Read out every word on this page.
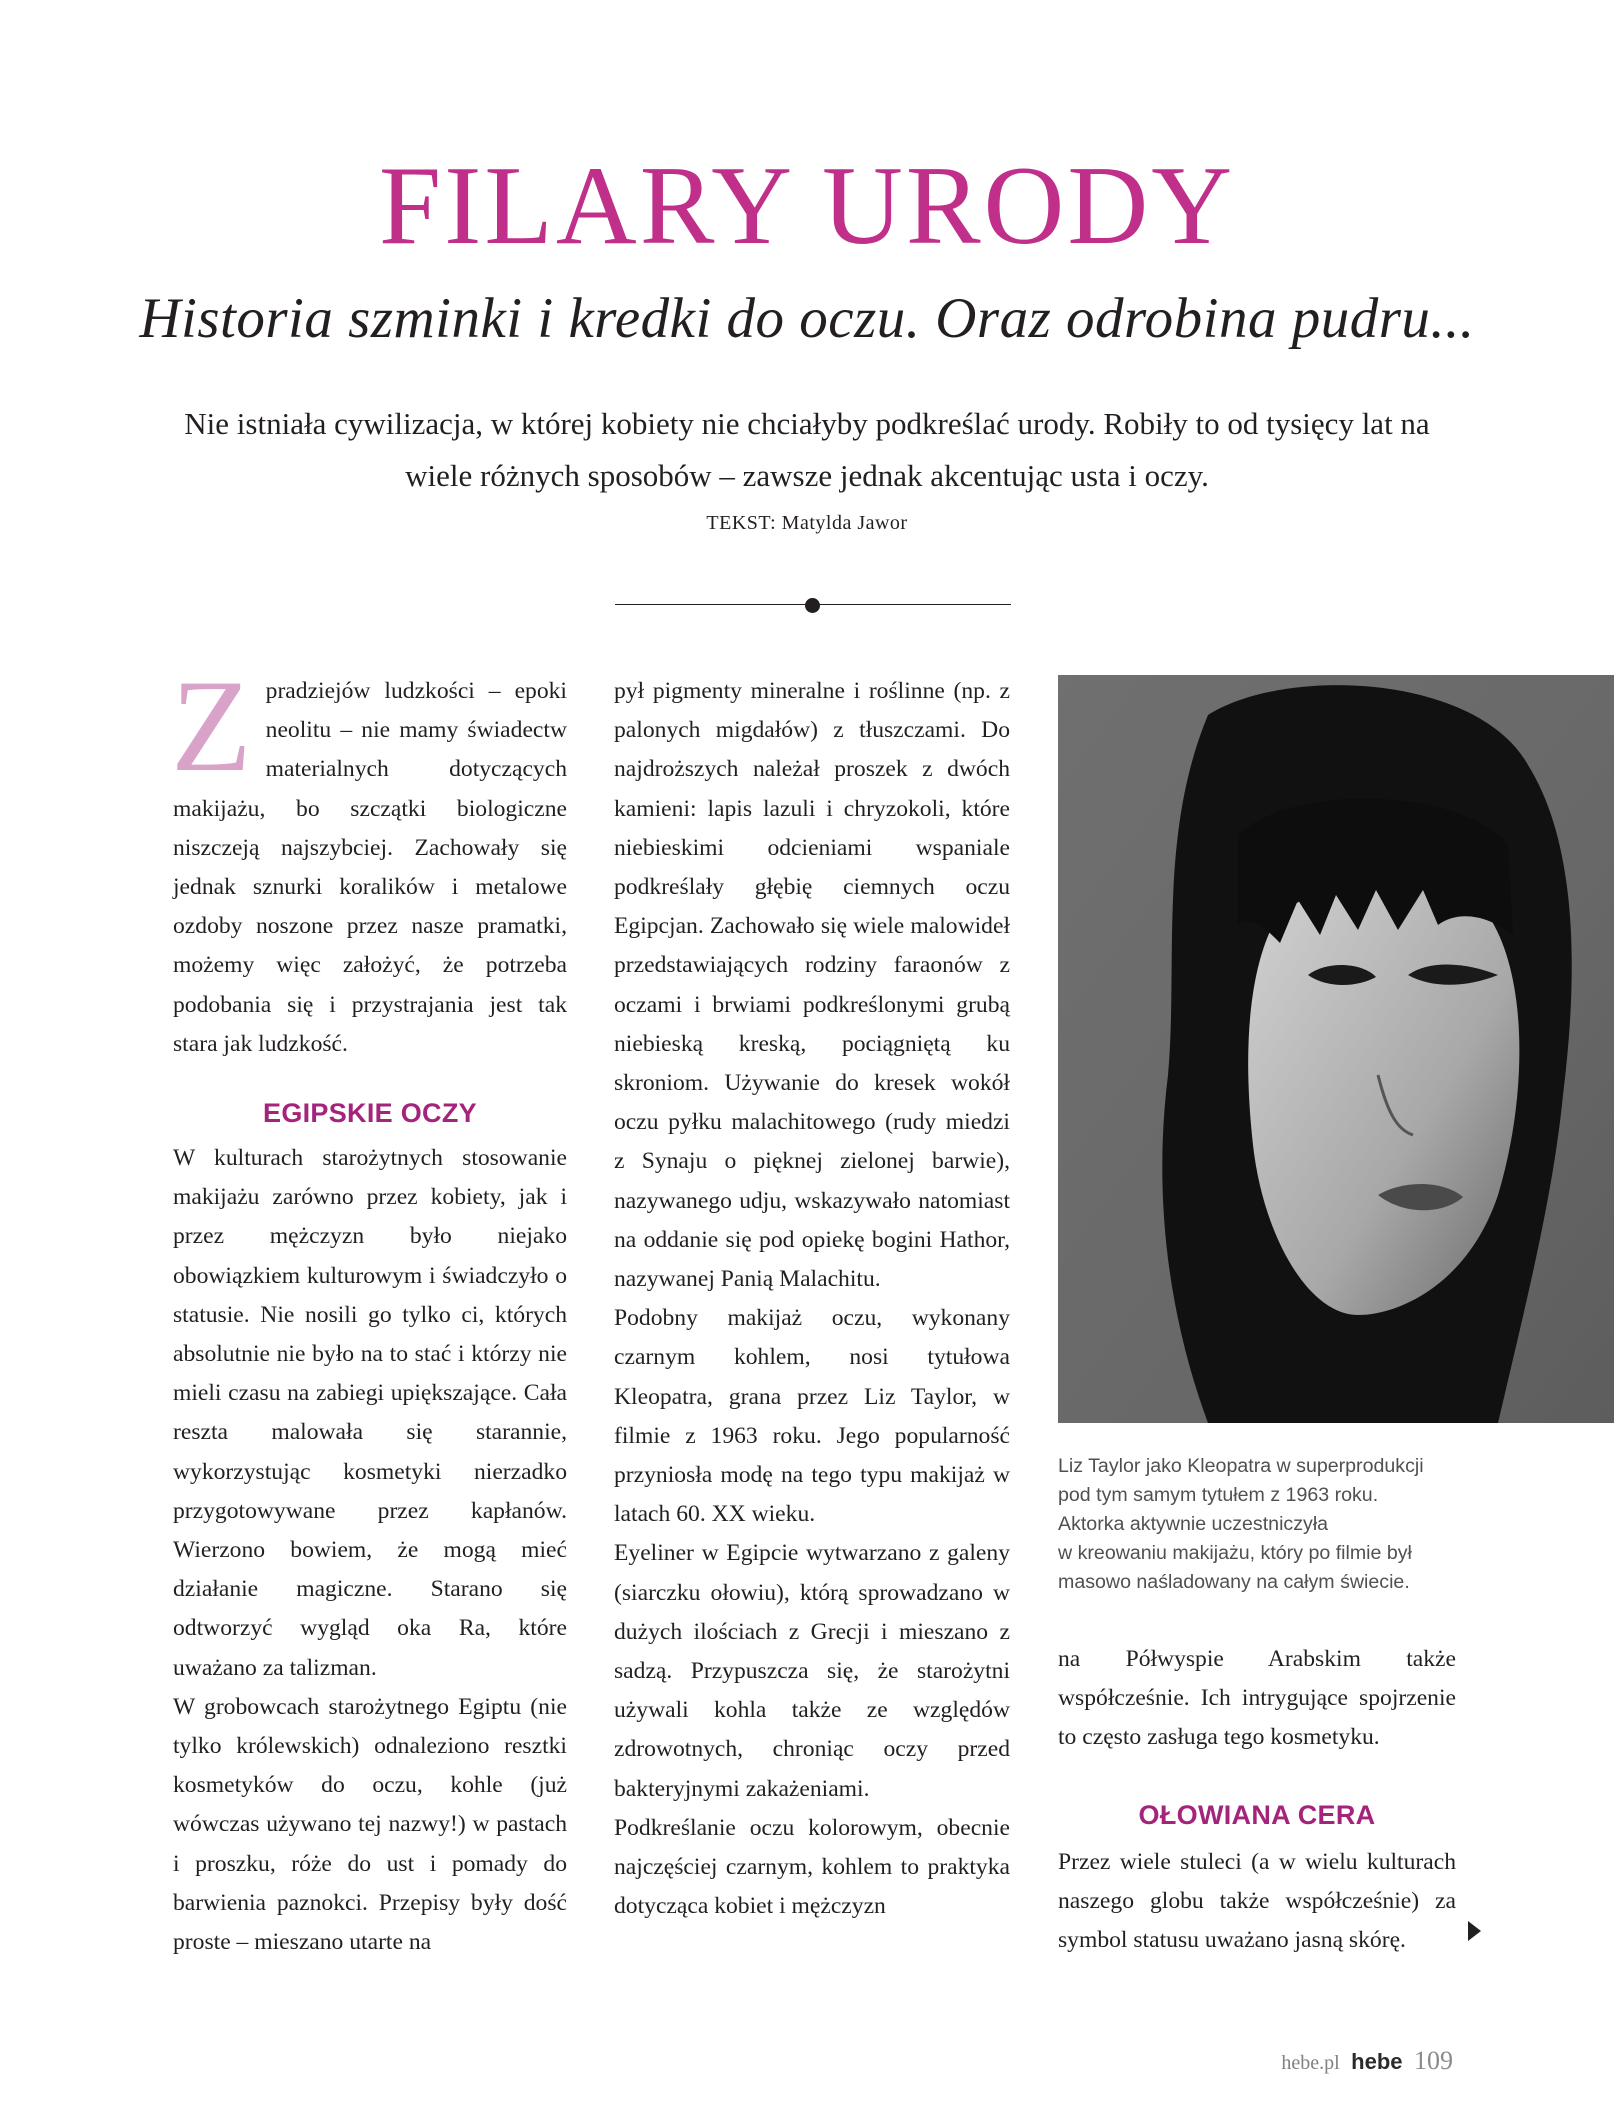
FILARY URODY
Historia szminki i kredki do oczu. Oraz odrobina pudru...

Nie istniała cywilizacja, w której kobiety nie chciałyby podkreślać urody. Robiły to od tysięcy lat na wiele różnych sposobów – zawsze jednak akcentując usta i oczy.

TEKST: Matylda Jawor

Zpradziejów ludzkości – epoki neolitu – nie mamy świadectw materialnych dotyczących makijażu, bo szczątki biologiczne niszczeją najszybciej. Zachowały się jednak sznurki koralików i metalowe ozdoby noszone przez nasze pramatki, możemy więc założyć, że potrzeba podobania się i przystrajania jest tak stara jak ludzkość.

EGIPSKIE OCZY

W kulturach starożytnych stosowanie makijażu zarówno przez kobiety, jak i przez mężczyzn było niejako obowiązkiem kulturowym i świadczyło o statusie. Nie nosili go tylko ci, których absolutnie nie było na to stać i którzy nie mieli czasu na zabiegi upiększające. Cała reszta malowała się starannie, wykorzystując kosmetyki nierzadko przygotowywane przez kapłanów. Wierzono bowiem, że mogą mieć działanie magiczne. Starano się odtworzyć wygląd oka Ra, które uważano za talizman.

W grobowcach starożytnego Egiptu (nie tylko królewskich) odnaleziono resztki kosmetyków do oczu, kohle (już wówczas używano tej nazwy!) w pastach i proszku, róże do ust i pomady do barwienia paznokci. Przepisy były dość proste – mieszano utarte na

pył pigmenty mineralne i roślinne (np. z palonych migdałów) z tłuszczami. Do najdroższych należał proszek z dwóch kamieni: lapis lazuli i chryzokoli, które niebieskimi odcieniami wspaniale podkreślały głębię ciemnych oczu Egipcjan. Zachowało się wiele malowideł przedstawiających rodziny faraonów z oczami i brwiami podkreślonymi grubą niebieską kreską, pociągniętą ku skroniom. Używanie do kresek wokół oczu pyłku malachitowego (rudy miedzi z Synaju o pięknej zielonej barwie), nazywanego udju, wskazywało natomiast na oddanie się pod opiekę bogini Hathor, nazywanej Panią Malachitu.

Podobny makijaż oczu, wykonany czarnym kohlem, nosi tytułowa Kleopatra, grana przez Liz Taylor, w filmie z 1963 roku. Jego popularność przyniosła modę na tego typu makijaż w latach 60. XX wieku.

Eyeliner w Egipcie wytwarzano z galeny (siarczku ołowiu), którą sprowadzano w dużych ilościach z Grecji i mieszano z sadzą. Przypuszcza się, że starożytni używali kohla także ze względów zdrowotnych, chroniąc oczy przed bakteryjnymi zakażeniami.

Podkreślanie oczu kolorowym, obecnie najczęściej czarnym, kohlem to praktyka dotycząca kobiet i mężczyzn

Liz Taylor jako Kleopatra w superprodukcji
pod tym samym tytułem z 1963 roku.
Aktorka aktywnie uczestniczyła
w kreowaniu makijażu, który po filmie był
masowo naśladowany na całym świecie.

na Półwyspie Arabskim także współcześnie. Ich intrygujące spojrzenie to często zasługa tego kosmetyku.

OŁOWIANA CERA

Przez wiele stuleci (a w wielu kulturach naszego globu także współcześnie) za symbol statusu uważano jasną skórę.

hebe.pl hebe 109
